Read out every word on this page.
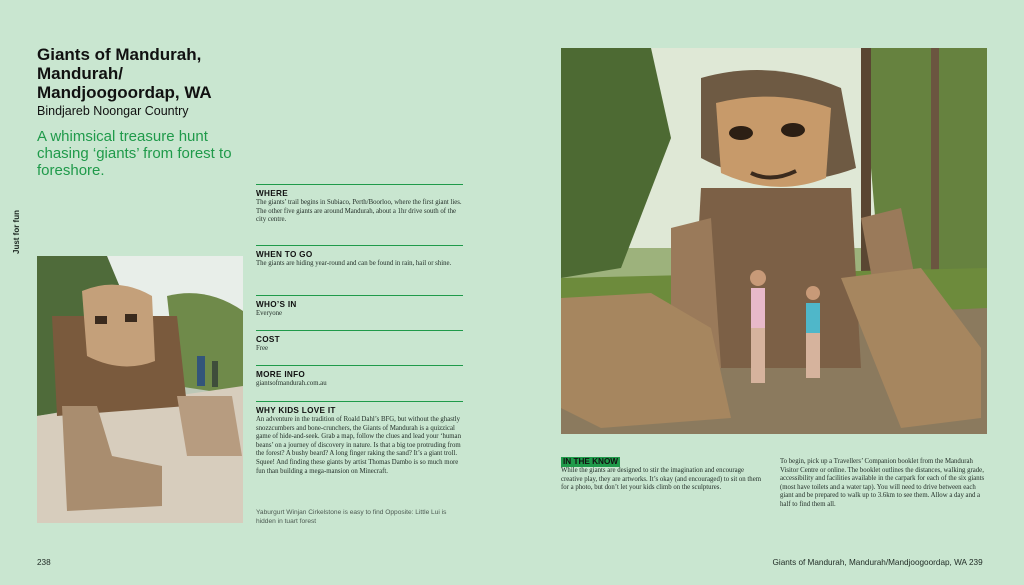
Giants of Mandurah, Mandurah/ Mandjoogoordap, WA
Bindjareb Noongar Country
A whimsical treasure hunt chasing ‘giants’ from forest to foreshore.
Just for fun
Yaburgurt Winjan Cirkelstone is easy to find Opposite: Little Lui is hidden in tuart forest
WHERE

The giants’ trail begins in Subiaco, Perth/Boorloo, where the first giant lies. The other five giants are around Mandurah, about a 1hr drive south of the city centre.

WHEN TO GO

The giants are hiding year-round and can be found in rain, hail or shine.

WHO’S IN

Everyone

COST

Free

MORE INFO

giantsofmandurah.com.au

WHY KIDS LOVE IT

An adventure in the tradition of Roald Dahl’s BFG, but without the ghastly snozzcumbers and bone-crunchers, the Giants of Mandurah is a quizzical game of hide-and-seek. Grab a map, follow the clues and lead your ‘human beans’ on a journey of discovery in nature. Is that a big toe protruding from the forest? A bushy beard? A long finger raking the sand? It’s a giant troll. Squee! And finding these giants by artist Thomas Dambo is so much more fun than building a mega-mansion on Minecraft.

238
IN THE KNOW
While the giants are designed to stir the imagination and encourage creative play, they are artworks. It’s okay (and encouraged) to sit on them for a photo, but don’t let your kids climb on the sculptures.
To begin, pick up a Travellers’ Companion booklet from the Mandurah Visitor Centre or online. The booklet outlines the distances, walking grade, accessibility and facilities available in the carpark for each of the six giants (most have toilets and a water tap). You will need to drive between each giant and be prepared to walk up to 3.6km to see them. Allow a day and a half to find them all.
Giants of Mandurah, Mandurah/Mandjoogoordap, WA 239
